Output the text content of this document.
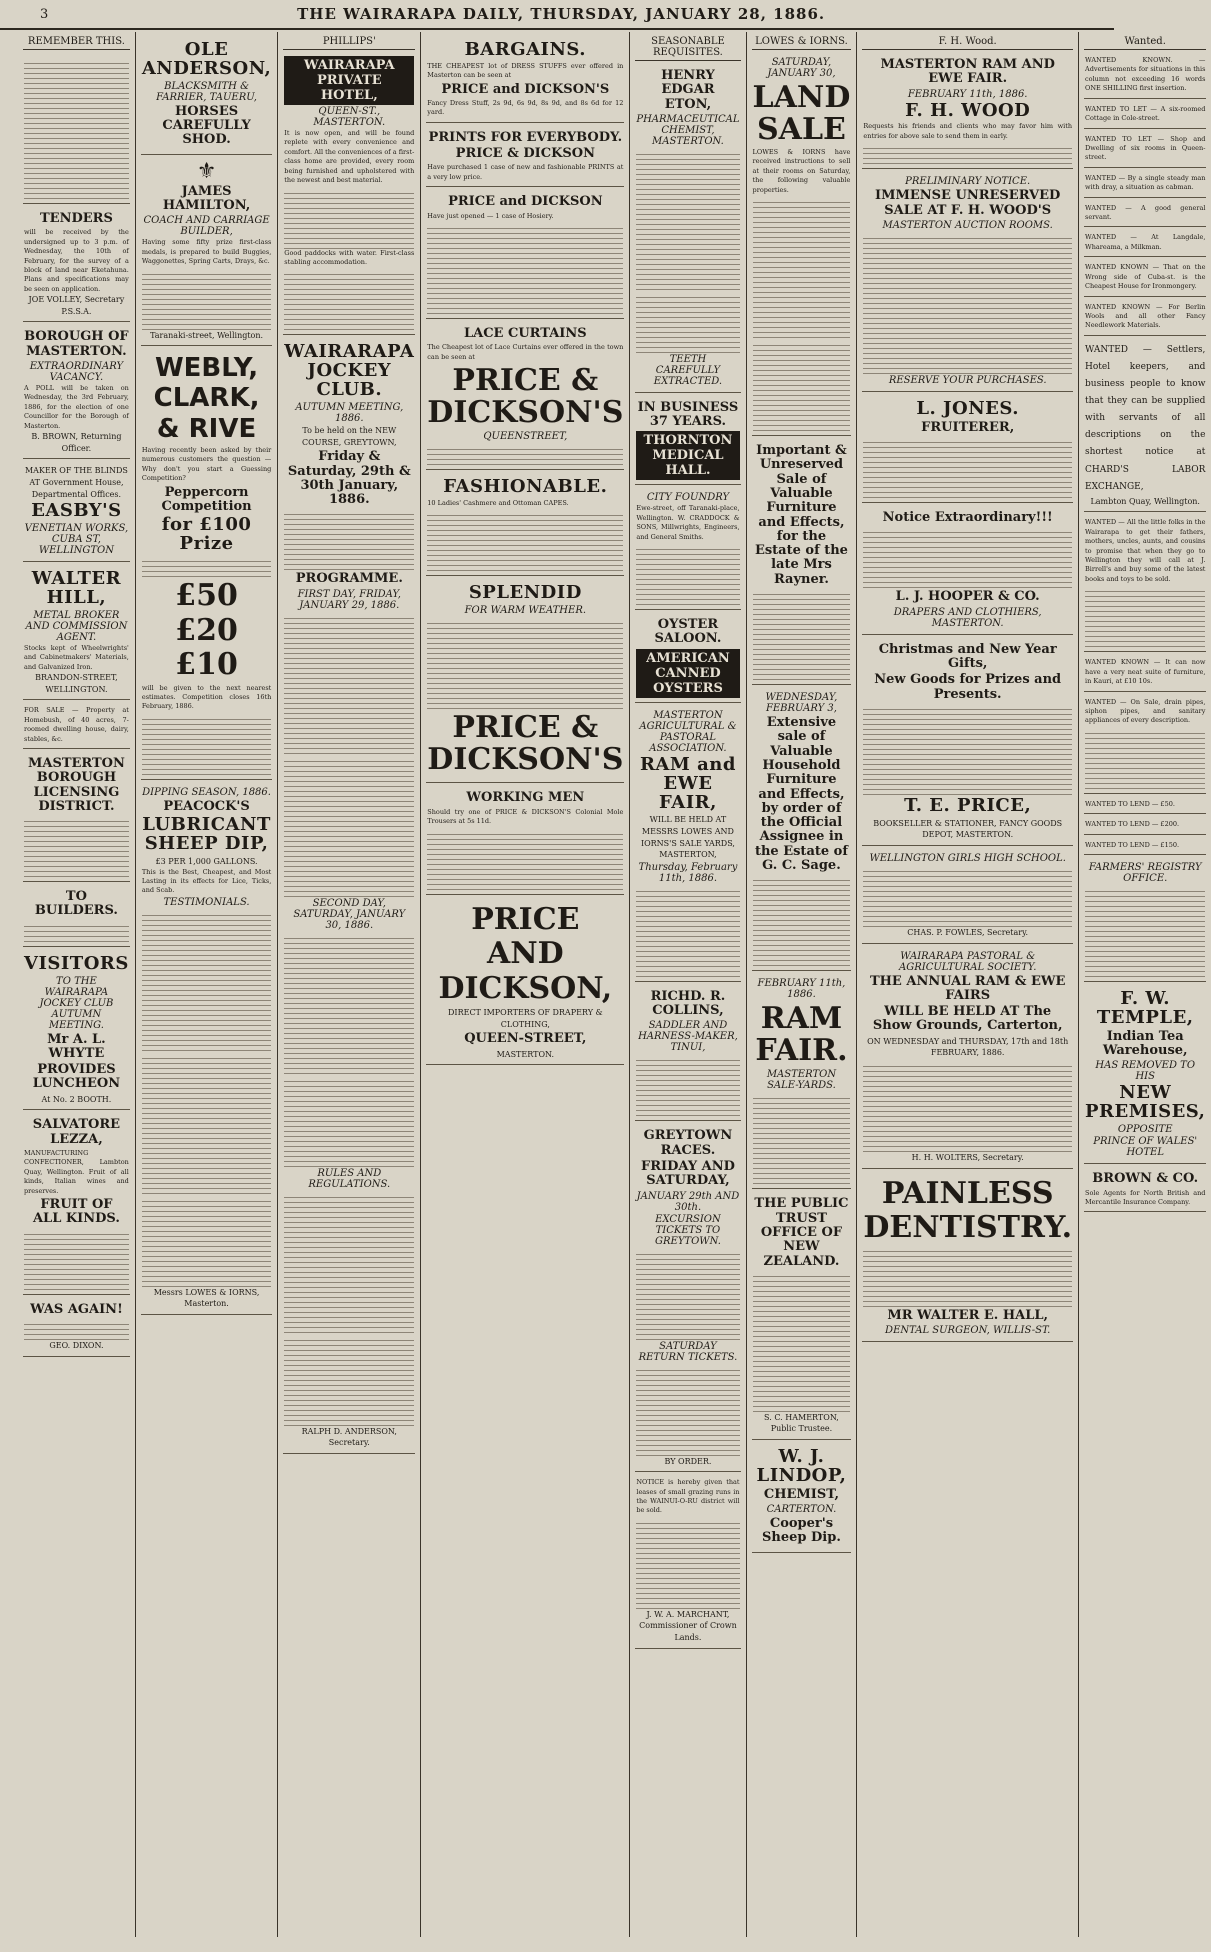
3	THE WAIRARAPA DAILY, THURSDAY, JANUARY 28, 1886.
REMEMBER THIS.
TENDERS

will be received by the undersigned up to 3 p.m. of Wednesday, the 10th of February, for the survey of a block of land near Eketahuna. Plans and specifications may be seen on application.

JOE VOLLEY, Secretary P.S.S.A.

BOROUGH OF MASTERTON.
EXTRAORDINARY VACANCY.

A POLL will be taken on Wednesday, the 3rd February, 1886, for the election of one Councillor for the Borough of Masterton.

B. BROWN, Returning Officer.

MAKER OF THE BLINDS AT Government House, Departmental Offices.

EASBY'S
VENETIAN WORKS, CUBA ST, WELLINGTON
WALTER HILL,
METAL BROKER AND COMMISSION AGENT.

Stocks kept of Wheelwrights' and Cabinetmakers' Materials, and Galvanized Iron.

BRANDON-STREET, WELLINGTON.

FOR SALE — Property at Homebush, of 40 acres, 7-roomed dwelling house, dairy, stables, &c.

MASTERTON BOROUGH LICENSING DISTRICT.
TO BUILDERS.
VISITORS
TO THE WAIRARAPA JOCKEY CLUB AUTUMN MEETING.
Mr A. L. WHYTE
PROVIDES LUNCHEON

At No. 2 BOOTH.

SALVATORE LEZZA,

MANUFACTURING CONFECTIONER, Lambton Quay, Wellington. Fruit of all kinds, Italian wines and preserves.

FRUIT OF ALL KINDS.
WAS AGAIN!

GEO. DIXON.

OLE ANDERSON,
BLACKSMITH & FARRIER, TAUERU,
HORSES CAREFULLY SHOD.
⚜
JAMES HAMILTON,
COACH AND CARRIAGE BUILDER,

Having some fifty prize first-class medals, is prepared to build Buggies, Waggonettes, Spring Carts, Drays, &c.

Taranaki-street, Wellington.

WEBLY,
CLARK,
& RIVE

Having recently been asked by their numerous customers the question — Why don't you start a Guessing Competition?

Peppercorn Competition
for £100 Prize
£50
£20
£10

will be given to the next nearest estimates. Competition closes 16th February, 1886.

DIPPING SEASON, 1886.
PEACOCK'S
LUBRICANT SHEEP DIP,

£3 PER 1,000 GALLONS.

This is the Best, Cheapest, and Most Lasting in its effects for Lice, Ticks, and Scab.

TESTIMONIALS.

Messrs LOWES & IORNS, Masterton.

PHILLIPS'
WAIRARAPA PRIVATE HOTEL,
QUEEN-ST., MASTERTON.

It is now open, and will be found replete with every convenience and comfort. All the conveniences of a first-class home are provided, every room being furnished and upholstered with the newest and best material.

Good paddocks with water. First-class stabling accommodation.

WAIRARAPA JOCKEY CLUB.
AUTUMN MEETING, 1886.

To be held on the NEW COURSE, GREYTOWN,

Friday & Saturday, 29th & 30th January, 1886.
PROGRAMME.
FIRST DAY, FRIDAY, JANUARY 29, 1886.
SECOND DAY, SATURDAY, JANUARY 30, 1886.
RULES AND REGULATIONS.

RALPH D. ANDERSON, Secretary.

BARGAINS.

THE CHEAPEST lot of DRESS STUFFS ever offered in Masterton can be seen at

PRICE and DICKSON'S

Fancy Dress Stuff, 2s 9d, 6s 9d, 8s 9d, and 8s 6d for 12 yard.

PRINTS FOR EVERYBODY.
PRICE & DICKSON

Have purchased 1 case of new and fashionable PRINTS at a very low price.

PRICE and DICKSON

Have just opened — 1 case of Hosiery.

LACE CURTAINS

The Cheapest lot of Lace Curtains ever offered in the town can be seen at

PRICE & DICKSON'S
QUEENSTREET,
FASHIONABLE.

10 Ladies' Cashmere and Ottoman CAPES.

SPLENDID
FOR WARM WEATHER.
PRICE & DICKSON'S
WORKING MEN

Should try one of PRICE & DICKSON'S Colonial Mole Trousers at 5s 11d.

PRICE
AND
DICKSON,

DIRECT IMPORTERS OF DRAPERY & CLOTHING,

QUEEN-STREET,

MASTERTON.

SEASONABLE REQUISITES.
HENRY EDGAR ETON,
PHARMACEUTICAL CHEMIST, MASTERTON.
TEETH CAREFULLY EXTRACTED.
IN BUSINESS 37 YEARS.
THORNTON MEDICAL HALL.
CITY FOUNDRY

Ewe-street, off Taranaki-place, Wellington. W. CRADDOCK & SONS, Millwrights, Engineers, and General Smiths.

OYSTER SALOON.
AMERICAN CANNED OYSTERS
MASTERTON AGRICULTURAL & PASTORAL ASSOCIATION.
RAM and EWE FAIR,

WILL BE HELD AT MESSRS LOWES AND IORNS'S SALE YARDS, MASTERTON,

Thursday, February 11th, 1886.
RICHD. R. COLLINS,
SADDLER AND HARNESS-MAKER, TINUI,
GREYTOWN RACES.
FRIDAY AND SATURDAY,
JANUARY 29th AND 30th.
EXCURSION TICKETS TO GREYTOWN.
SATURDAY RETURN TICKETS.

BY ORDER.

NOTICE is hereby given that leases of small grazing runs in the WAINUI-O-RU district will be sold.

J. W. A. MARCHANT, Commissioner of Crown Lands.

LOWES & IORNS.
SATURDAY, JANUARY 30,
LAND SALE

LOWES & IORNS have received instructions to sell at their rooms on Saturday, the following valuable properties.

Important & Unreserved Sale of Valuable Furniture and Effects, for the Estate of the late Mrs Rayner.
WEDNESDAY, FEBRUARY 3,
Extensive sale of Valuable Household Furniture and Effects, by order of the Official Assignee in the Estate of G. C. Sage.
FEBRUARY 11th, 1886.
RAM FAIR.
MASTERTON SALE-YARDS.
THE PUBLIC TRUST OFFICE OF NEW ZEALAND.

S. C. HAMERTON, Public Trustee.

W. J. LINDOP,
CHEMIST,
CARTERTON.
Cooper's Sheep Dip.
F. H. Wood.
MASTERTON RAM AND EWE FAIR.
FEBRUARY 11th, 1886.
F. H. WOOD

Requests his friends and clients who may favor him with entries for above sale to send them in early.

PRELIMINARY NOTICE.
IMMENSE UNRESERVED SALE AT F. H. WOOD'S
MASTERTON AUCTION ROOMS.
RESERVE YOUR PURCHASES.
L. JONES.
FRUITERER,
Notice Extraordinary!!!
L. J. HOOPER & CO.
DRAPERS AND CLOTHIERS, MASTERTON.
Christmas and New Year Gifts,
New Goods for Prizes and Presents.
T. E. PRICE,

BOOKSELLER & STATIONER, FANCY GOODS DEPOT, MASTERTON.

WELLINGTON GIRLS HIGH SCHOOL.

CHAS. P. FOWLES, Secretary.

WAIRARAPA PASTORAL & AGRICULTURAL SOCIETY.
THE ANNUAL RAM & EWE FAIRS
WILL BE HELD AT The Show Grounds, Carterton,

ON WEDNESDAY and THURSDAY, 17th and 18th FEBRUARY, 1886.

H. H. WOLTERS, Secretary.

PAINLESS
DENTISTRY.
MR WALTER E. HALL,
DENTAL SURGEON, WILLIS-ST.
Wanted.

WANTED KNOWN. — Advertisements for situations in this column not exceeding 16 words ONE SHILLING first insertion.

WANTED TO LET — A six-roomed Cottage in Cole-street.

WANTED TO LET — Shop and Dwelling of six rooms in Queen-street.

WANTED — By a single steady man with dray, a situation as cabman.

WANTED — A good general servant.

WANTED — At Langdale, Whareama, a Milkman.

WANTED KNOWN — That on the Wrong side of Cuba-st. is the Cheapest House for Ironmongery.

WANTED KNOWN — For Berlin Wools and all other Fancy Needlework Materials.

WANTED — Settlers, Hotel keepers, and business people to know that they can be supplied with servants of all descriptions on the shortest notice at CHARD'S LABOR EXCHANGE,

Lambton Quay, Wellington.

WANTED — All the little folks in the Wairarapa to get their fathers, mothers, uncles, aunts, and cousins to promise that when they go to Wellington they will call at J. Birrell's and buy some of the latest books and toys to be sold.

WANTED KNOWN — It can now have a very neat suite of furniture, in Kauri, at £10 10s.

WANTED — On Sale, drain pipes, siphon pipes, and sanitary appliances of every description.

WANTED TO LEND — £50.

WANTED TO LEND — £200.

WANTED TO LEND — £150.

FARMERS' REGISTRY OFFICE.
F. W. TEMPLE,
Indian Tea Warehouse,
HAS REMOVED TO HIS
NEW PREMISES,
OPPOSITE
PRINCE OF WALES' HOTEL
BROWN & CO.

Sole Agents for North British and Mercantile Insurance Company.
